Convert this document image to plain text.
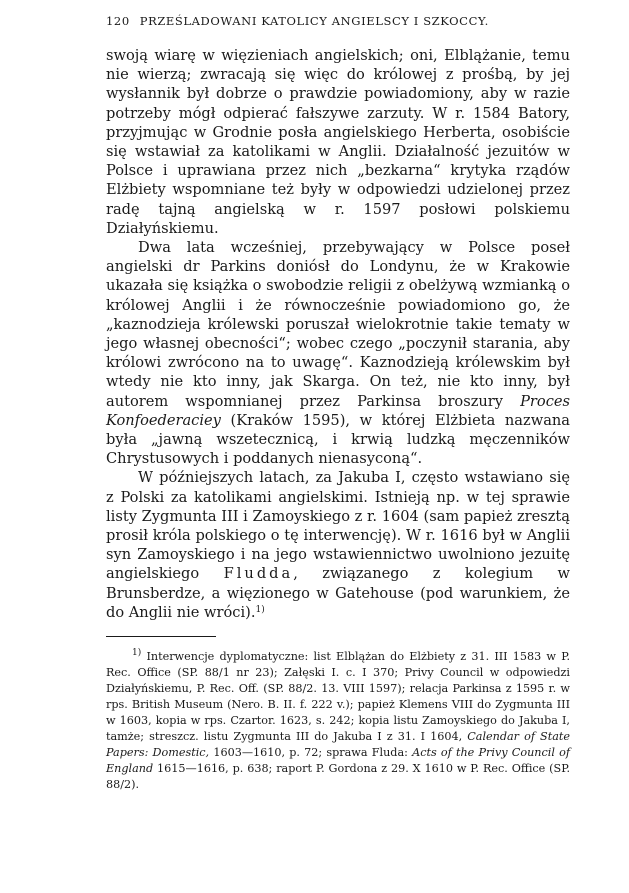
120 PRZEŚLADOWANI KATOLICY ANGIELSCY I SZKOCCY.

swoją wiarę w więzieniach angielskich; oni, Elblążanie, temu nie wierzą; zwracają się więc do królowej z prośbą, by jej wysłannik był dobrze o prawdzie powiadomiony, aby w razie potrzeby mógł odpierać fałszywe zarzuty. W r. 1584 Batory, przyjmując w Grodnie posła angielskiego Herberta, osobiście się wstawiał za katolikami w Anglii. Działalność jezuitów w Polsce i uprawiana przez nich „bezkarna“ krytyka rządów Elżbiety wspomniane też były w odpowiedzi udzielonej przez radę tajną angielską w r. 1597 posłowi polskiemu Działyńskiemu.

Dwa lata wcześniej, przebywający w Polsce poseł angielski dr Parkins doniósł do Londynu, że w Krakowie ukazała się książka o swobodzie religii z obelżywą wzmianką o królowej Anglii i że równocześnie powiadomiono go, że „kaznodzieja królewski poruszał wielokrotnie takie tematy w jego własnej obecności“; wobec czego „poczynił starania, aby królowi zwrócono na to uwagę“. Kaznodzieją królewskim był wtedy nie kto inny, jak Skarga. On też, nie kto inny, był autorem wspomnianej przez Parkinsa broszury Proces Konfoederaciey (Kraków 1595), w której Elżbieta nazwana była „jawną wszetecznicą, i krwią ludzką męczenników Chrystusowych i poddanych nienasyconą“.

W późniejszych latach, za Jakuba I, często wstawiano się z Polski za katolikami angielskimi. Istnieją np. w tej sprawie listy Zygmunta III i Zamoyskiego z r. 1604 (sam papież zresztą prosił króla polskiego o tę interwencję). W r. 1616 był w Anglii syn Zamoyskiego i na jego wstawiennictwo uwolniono jezuitę angielskiego Fludda, związanego z kolegium w Brunsberdze, a więzionego w Gatehouse (pod warunkiem, że do Anglii nie wróci).$^{1)}$

$^{1)}$ Interwencje dyplomatyczne: list Elblążan do Elżbiety z 31. III 1583 w P. Rec. Office (SP. 88/1 nr 23); Załęski I. c. I 370; Privy Council w odpowiedzi Działyńskiemu, P. Rec. Off. (SP. 88/2. 13. VIII 1597); relacja Parkinsa z 1595 r. w rps. British Museum (Nero. B. II. f. 222 v.); papież Klemens VIII do Zygmunta III w 1603, kopia w rps. Czartor. 1623, s. 242; kopia listu Zamoyskiego do Jakuba I, tamże; streszcz. listu Zygmunta III do Jakuba I z 31. I 1604, Calendar of State Papers: Domestic, 1603—1610, p. 72; sprawa Fluda: Acts of the Privy Council of England 1615—1616, p. 638; raport P. Gordona z 29. X 1610 w P. Rec. Office (SP. 88/2).
